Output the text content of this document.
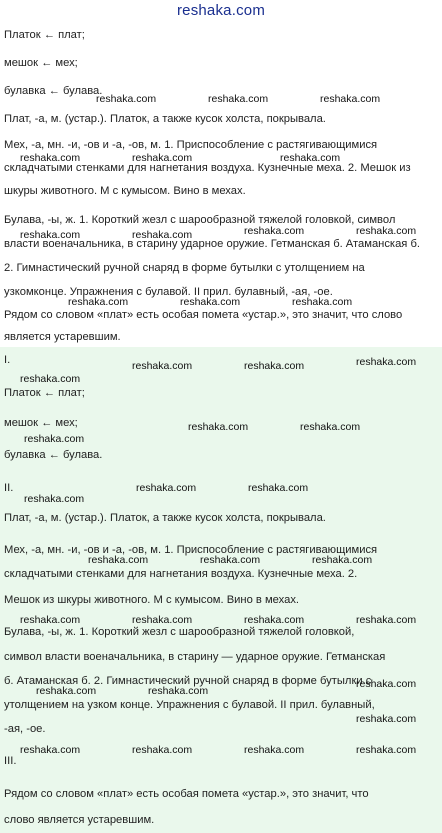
reshaka.com
Платок ← плат;
мешок ← мех;
булавка ← булава.
Плат, -а, м. (устар.). Платок, а также кусок холста, покрывала.
Мех, -а, мн. -и, -ов и -а, -ов, м. 1. Приспособление с растягивающимися
складчатыми стенками для нагнетания воздуха. Кузнечные меха. 2. Мешок из
шкуры животного. М с кумысом. Вино в мехах.
Булава, -ы, ж. 1. Короткий жезл с шарообразной тяжелой головкой, символ
власти военачальника, в старину ударное оружие. Гетманская б. Атаманская б.
2. Гимнастический ручной снаряд в форме бутылки с утолщением на
узкомконце. Упражнения с булавой. II прил. булавный, -ая, -ое.
Рядом со словом «плат» есть особая помета «устар.», это значит, что слово
является устаревшим.
reshaka.com	reshaka.com	reshaka.com
reshaka.com	reshaka.com	reshaka.com
reshaka.com	reshaka.com
reshaka.com	reshaka.com
reshaka.com	reshaka.com	reshaka.com
I.
Платок ← плат;
мешок ← мех;
булавка ← булава.
II.
Плат, -а, м. (устар.). Платок, а также кусок холста, покрывала.
Мех, -а, мн. -и, -ов и -а, -ов, м. 1. Приспособление с растягивающимися
складчатыми стенками для нагнетания воздуха. Кузнечные меха. 2.
Мешок из шкуры животного. М с кумысом. Вино в мехах.
Булава, -ы, ж. 1. Короткий жезл с шарообразной тяжелой головкой,
символ власти военачальника, в старину — ударное оружие. Гетманская
б. Атаманская б. 2. Гимнастический ручной снаряд в форме бутылки с
утолщением на узком конце. Упражнения с булавой. II прил. булавный,
-ая, -ое.
III.
Рядом со словом «плат» есть особая помета «устар.», это значит, что
слово является устаревшим.
reshaka.com
reshaka.com	reshaka.com
reshaka.com
reshaka.com	reshaka.com
reshaka.com
reshaka.com	reshaka.com
reshaka.com
reshaka.com	reshaka.com	reshaka.com
reshaka.com	reshaka.com	reshaka.com	reshaka.com
reshaka.com
reshaka.com	reshaka.com
reshaka.com
reshaka.com	reshaka.com	reshaka.com	reshaka.com
